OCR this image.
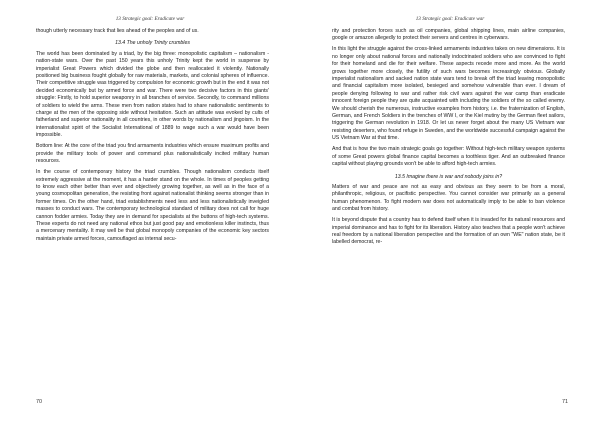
13 Strategic goal: Eradicate war

though utterly necessary track that lies ahead of the peoples and of us.

13.4 The unholy Trinity crumbles

The world has been dominated by a triad, by the big three: monopolistic capitalism – nationalism - nation-state wars. Over the past 150 years this unholy Trinity kept the world in suspense by imperialist Great Powers which divided the globe and then reallocated it violently. Nationally positioned big business fought globally for raw materials, markets, and colonial spheres of influence. Their competitive struggle was triggered by compulsion for economic growth but in the end it was not decided economically but by armed force and war. There were two decisive factors in this giants' struggle: Firstly, to hold superior weaponry in all branches of service. Secondly, to command millions of soldiers to wield the arms. These men from nation states had to share nationalistic sentiments to charge at the men of the opposing side without hesitation. Such an attitude was evoked by cults of fatherland and superior nationality in all countries, in other words by nationalism and jingoism. In the internationalist spirit of the Socialist International of 1889 to wage such a war would have been impossible.

Bottom line: At the core of the triad you find armaments industries which ensure maximum profits and provide the military tools of power and command plus nationalistically incited military human resources.

In the course of contemporary history the triad crumbles. Though nationalism conducts itself extremely aggressive at the moment, it has a harder stand on the whole. In times of peoples getting to know each other better than ever and objectively growing together, as well as in the face of a young cosmopolitan generation, the resisting front against nationalist thinking seems stronger than in former times. On the other hand, triad establishments need less and less nationalistically inveigled masses to conduct wars. The contemporary technological standard of military does not call for huge cannon fodder armies. Today they are in demand for specialists at the buttons of high-tech systems. These experts do not need any national ethos but just good pay and emotionless killer instincts, thus a mercenary mentality. It may well be that global monopoly companies of the economic key sectors maintain private armed forces, camouflaged as internal secu-

70
13 Strategic goal: Eradicate war

rity and protection forces such as oil companies, global shipping lines, main airline companies, google or amazon allegedly to protect their servers and centres in cyberwars.

In this light the struggle against the cross-linked armaments industries takes on new dimensions. It is no longer only about national forces and nationally indoctrinated soldiers who are convinced to fight for their homeland and die for their welfare. These aspects recede more and more. As the world grows together more closely, the futility of such wars becomes increasingly obvious. Globally imperialist nationalism and sacked nation state wars tend to break off the triad leaving monopolistic and financial capitalism more isolated, besieged and somehow vulnerable than ever. I dream of people denying following to war and rather risk civil wars against the war camp than eradicate innocent foreign people they are quite acquainted with including the soldiers of the so called enemy. We should cherish the numerous, instructive examples from history, i.e. the fraternization of English, German, and French Soldiers in the trenches of WW I, or the Kiel mutiny by the German fleet sailors, triggering the German revolution in 1918. Or let us never forget about the many US Vietnam war resisting deserters, who found refuge in Sweden, and the worldwide successful campaign against the US Vietnam War at that time.

And that is how the two main strategic goals go together: Without high-tech military weapon systems of some Great powers global finance capital becomes a toothless tiger. And an outbreaked finance capital without playing grounds won't be able to afford high-tech armies.

13.5 Imagine there is war and nobody joins in?

Matters of war and peace are not as easy and obvious as they seem to be from a moral, philanthropic, religious, or pacifistic perspective. You cannot consider war primarily as a general human phenomenon. To fight modern war does not automatically imply to be able to ban violence and combat from history.

It is beyond dispute that a country has to defend itself when it is invaded for its natural resources and imperial dominance and has to fight for its liberation. History also teaches that a people won't achieve real freedom by a national liberation perspective and the formation of an own "WE" nation state, be it labelled democrat, re-

71
